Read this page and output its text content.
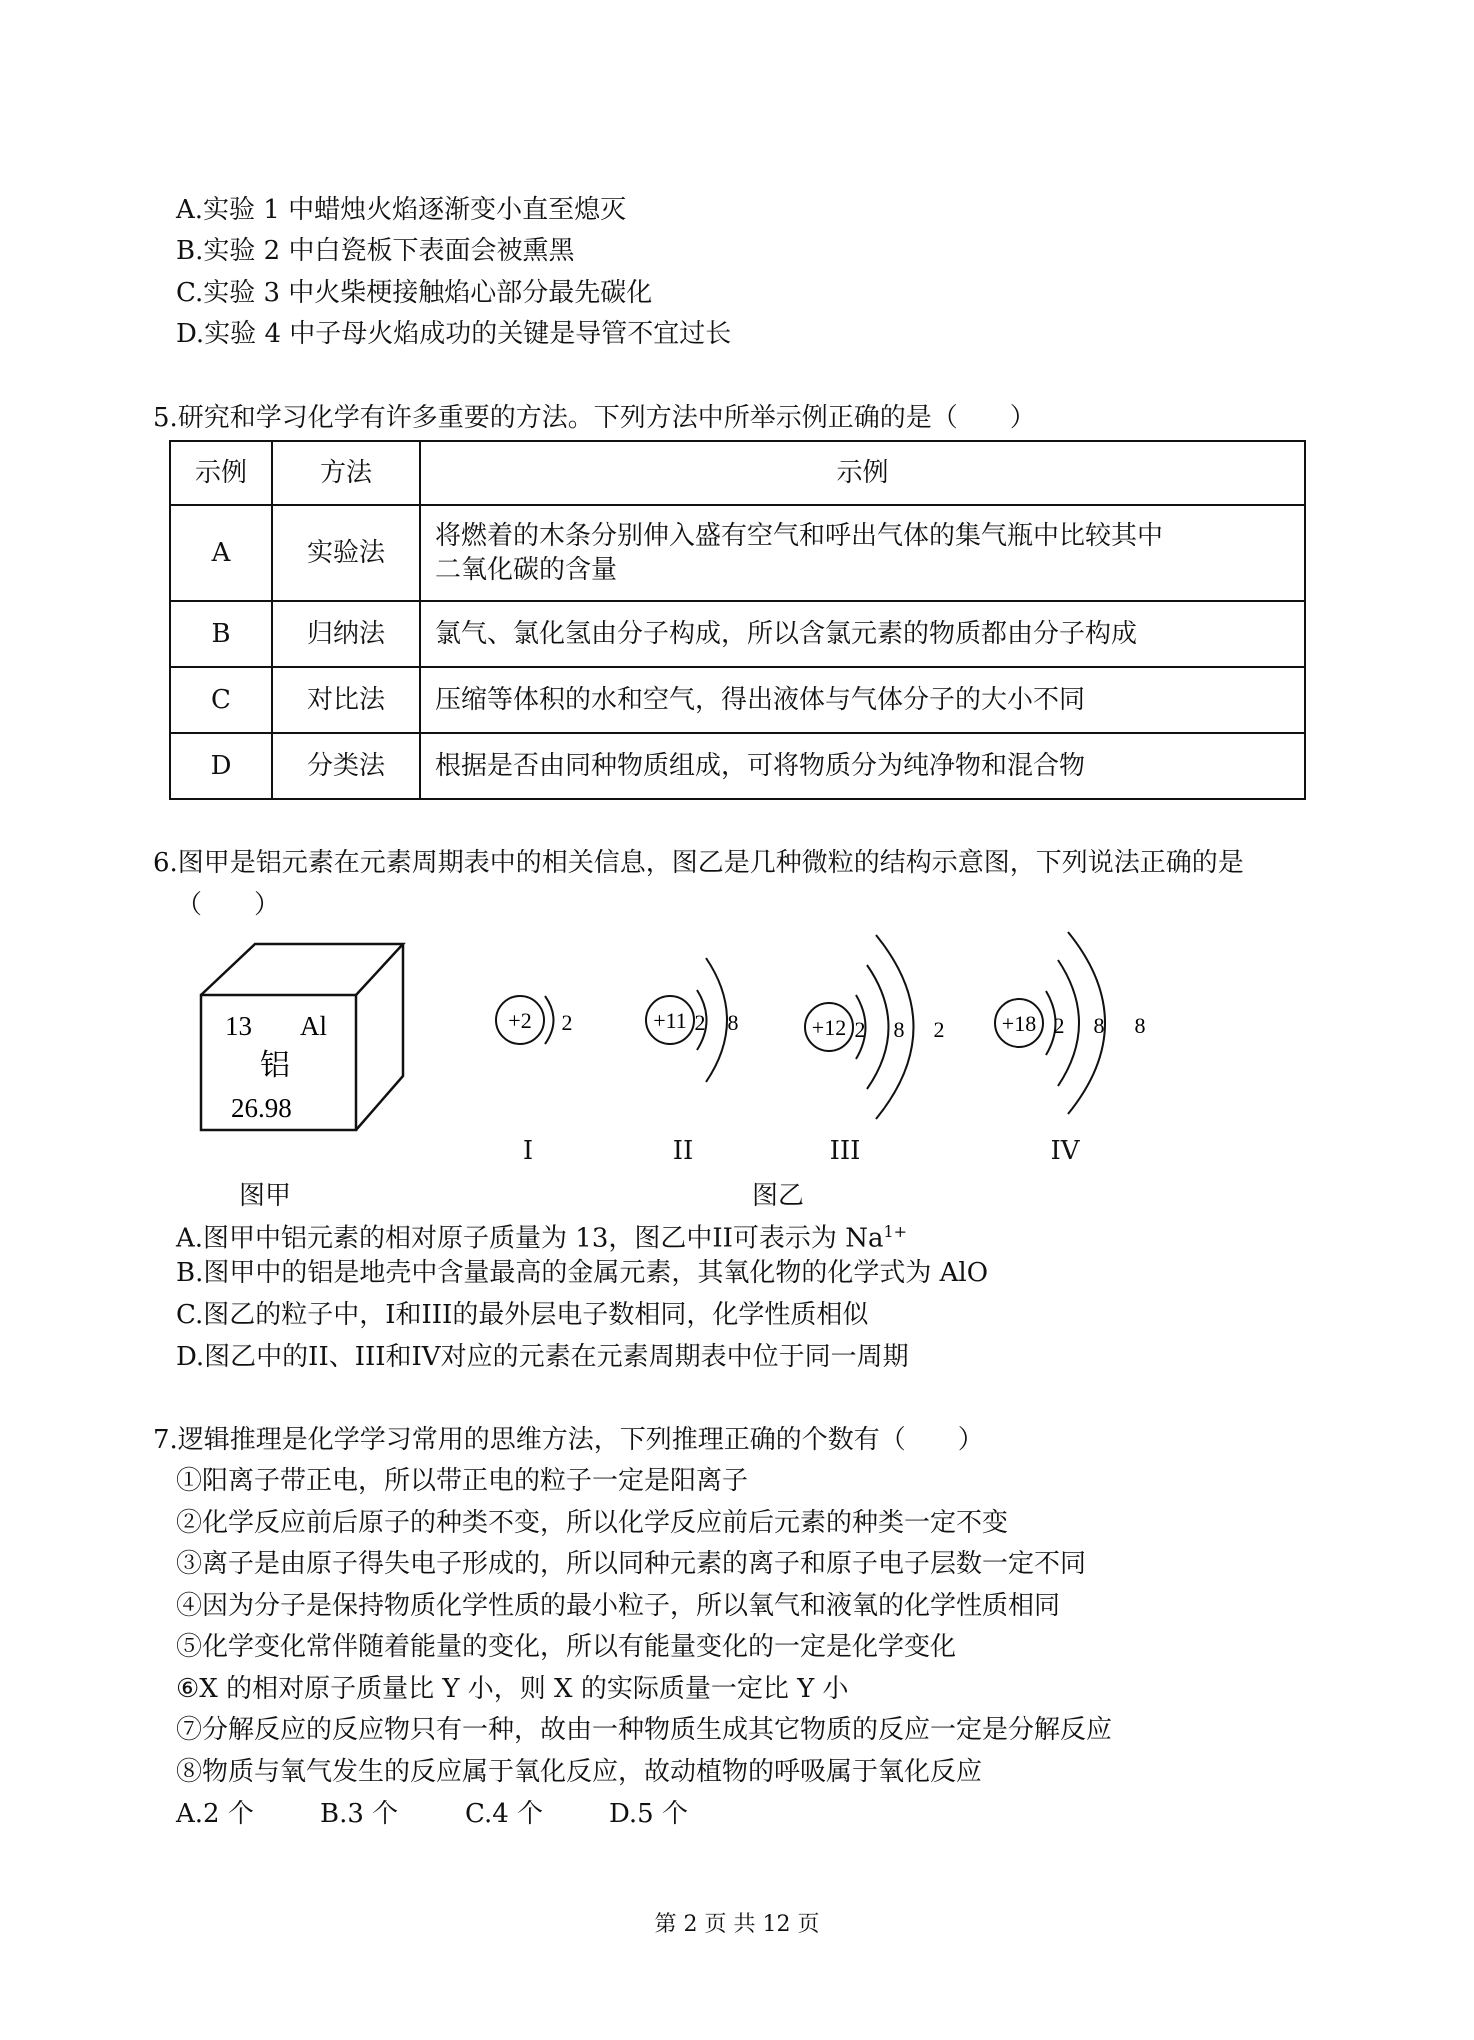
A.实验 1 中蜡烛火焰逐渐变小直至熄灭
B.实验 2 中白瓷板下表面会被熏黑
C.实验 3 中火柴梗接触焰心部分最先碳化
D.实验 4 中子母火焰成功的关键是导管不宜过长
5.研究和学习化学有许多重要的方法。下列方法中所举示例正确的是（　　）
示例	方法	示例
A	实验法	将燃着的木条分别伸入盛有空气和呼出气体的集气瓶中比较其中
二氧化碳的含量

B	归纳法	氯气、氯化氢由分子构成，所以含氯元素的物质都由分子构成
C	对比法	压缩等体积的水和空气，得出液体与气体分子的大小不同
D	分类法	根据是否由同种物质组成，可将物质分为纯净物和混合物
6.图甲是铝元素在元素周期表中的相关信息，图乙是几种微粒的结构示意图，下列说法正确的是
（　　）
13 Al
铝
26.98
+2 2	+11 2 8	+12 2 8 2	+18 2 8 8
I	II	III	IV
图甲	图乙
A.图甲中铝元素的相对原子质量为 13，图乙中II可表示为 $Na^{1+}$
B.图甲中的铝是地壳中含量最高的金属元素，其氧化物的化学式为 AlO
C.图乙的粒子中，I和III的最外层电子数相同，化学性质相似
D.图乙中的II、III和IV对应的元素在元素周期表中位于同一周期
7.逻辑推理是化学学习常用的思维方法，下列推理正确的个数有（　　）
①阳离子带正电，所以带正电的粒子一定是阳离子
②化学反应前后原子的种类不变，所以化学反应前后元素的种类一定不变
③离子是由原子得失电子形成的，所以同种元素的离子和原子电子层数一定不同
④因为分子是保持物质化学性质的最小粒子，所以氧气和液氧的化学性质相同
⑤化学变化常伴随着能量的变化，所以有能量变化的一定是化学变化
⑥X 的相对原子质量比 Y 小，则 X 的实际质量一定比 Y 小
⑦分解反应的反应物只有一种，故由一种物质生成其它物质的反应一定是分解反应
⑧物质与氧气发生的反应属于氧化反应，故动植物的呼吸属于氧化反应
A.2 个	B.3 个	C.4 个	D.5 个
第 2 页 共 12 页
